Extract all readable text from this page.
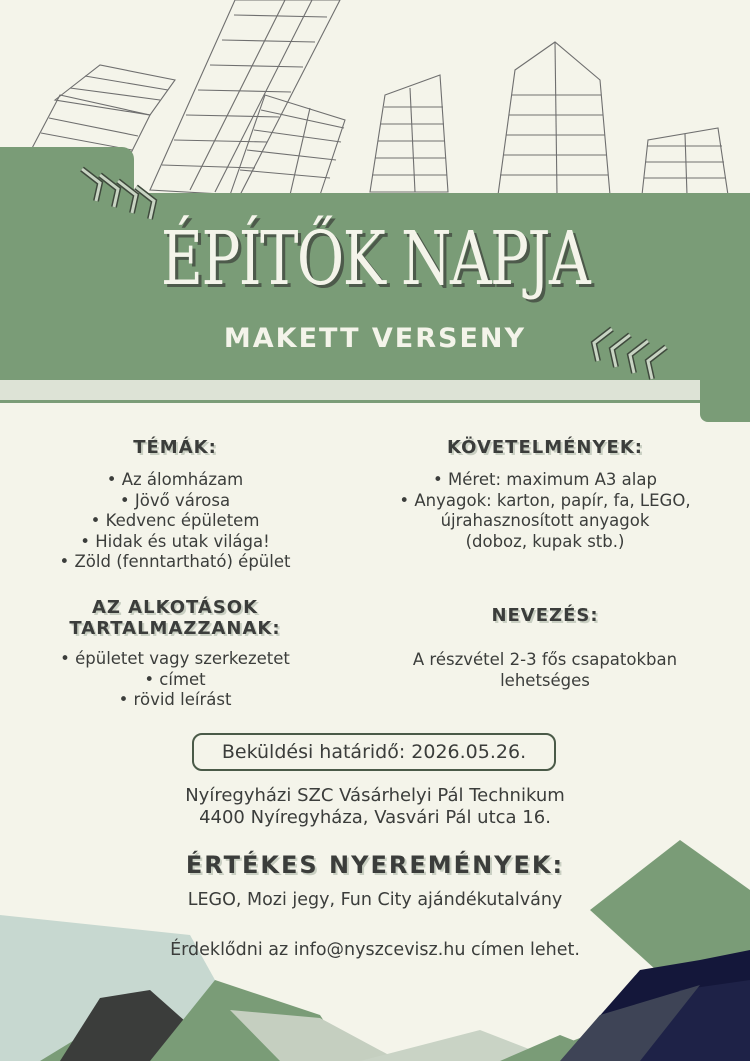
ÉPÍTŐK NAPJA
MAKETT VERSENY
TÉMÁK:
• Az álomházam
• Jövő városa
• Kedvenc épületem
• Hidak és utak világa!
• Zöld (fenntartható) épület
KÖVETELMÉNYEK:
• Méret: maximum A3 alap
• Anyagok: karton, papír, fa, LEGO,
újrahasznosított anyagok
(doboz, kupak stb.)
AZ ALKOTÁSOK
TARTALMAZZANAK:
• épületet vagy szerkezetet
• címet
• rövid leírást
NEVEZÉS:
A részvétel 2-3 fős csapatokban
lehetséges
Beküldési határidő: 2026.05.26.
Nyíregyházi SZC Vásárhelyi Pál Technikum
4400 Nyíregyháza, Vasvári Pál utca 16.
ÉRTÉKES NYEREMÉNYEK:
LEGO, Mozi jegy, Fun City ajándékutalvány
Érdeklődni az info@nyszcevisz.hu címen lehet.
